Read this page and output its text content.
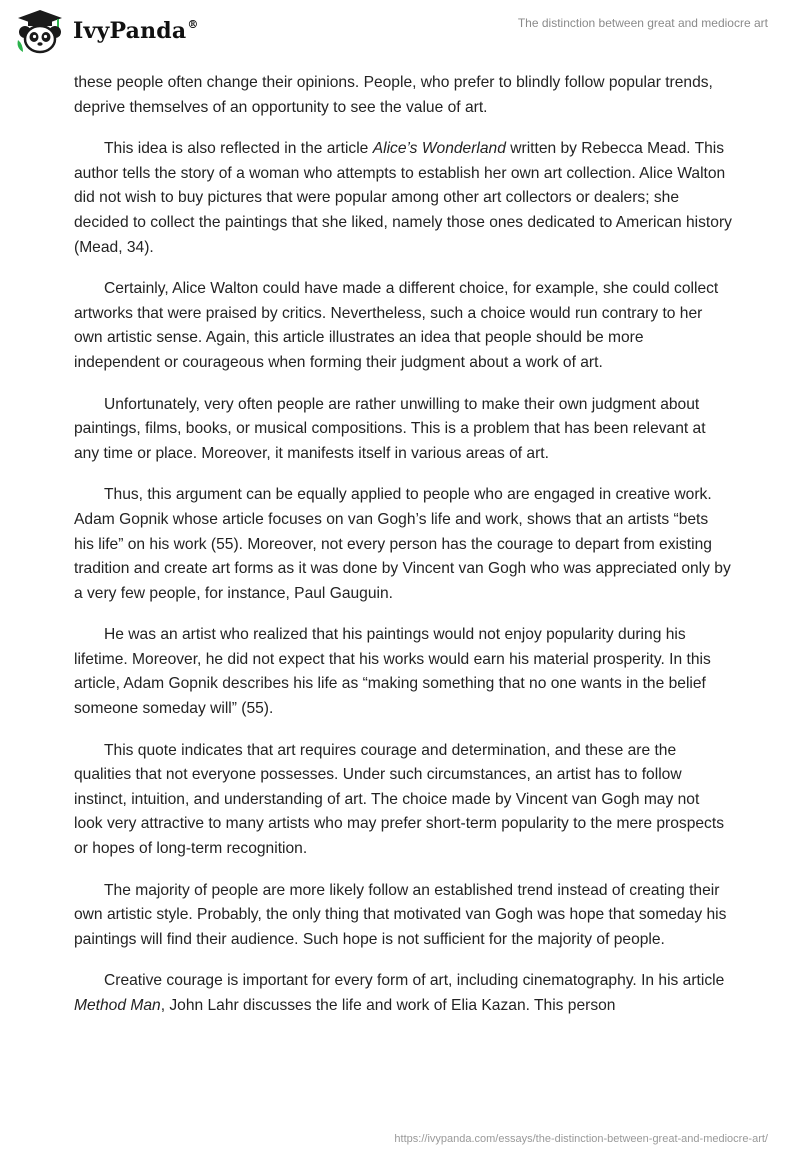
IvyPanda®	The distinction between great and mediocre art

these people often change their opinions. People, who prefer to blindly follow popular trends, deprive themselves of an opportunity to see the value of art.

This idea is also reflected in the article Alice’s Wonderland written by Rebecca Mead. This author tells the story of a woman who attempts to establish her own art collection. Alice Walton did not wish to buy pictures that were popular among other art collectors or dealers; she decided to collect the paintings that she liked, namely those ones dedicated to American history (Mead, 34).

Certainly, Alice Walton could have made a different choice, for example, she could collect artworks that were praised by critics. Nevertheless, such a choice would run contrary to her own artistic sense. Again, this article illustrates an idea that people should be more independent or courageous when forming their judgment about a work of art.

Unfortunately, very often people are rather unwilling to make their own judgment about paintings, films, books, or musical compositions. This is a problem that has been relevant at any time or place. Moreover, it manifests itself in various areas of art.

Thus, this argument can be equally applied to people who are engaged in creative work. Adam Gopnik whose article focuses on van Gogh’s life and work, shows that an artists “bets his life” on his work (55). Moreover, not every person has the courage to depart from existing tradition and create art forms as it was done by Vincent van Gogh who was appreciated only by a very few people, for instance, Paul Gauguin.

He was an artist who realized that his paintings would not enjoy popularity during his lifetime. Moreover, he did not expect that his works would earn his material prosperity. In this article, Adam Gopnik describes his life as “making something that no one wants in the belief someone someday will” (55).

This quote indicates that art requires courage and determination, and these are the qualities that not everyone possesses. Under such circumstances, an artist has to follow instinct, intuition, and understanding of art. The choice made by Vincent van Gogh may not look very attractive to many artists who may prefer short-term popularity to the mere prospects or hopes of long-term recognition.

The majority of people are more likely follow an established trend instead of creating their own artistic style. Probably, the only thing that motivated van Gogh was hope that someday his paintings will find their audience. Such hope is not sufficient for the majority of people.

Creative courage is important for every form of art, including cinematography. In his article Method Man, John Lahr discusses the life and work of Elia Kazan. This person

https://ivypanda.com/essays/the-distinction-between-great-and-mediocre-art/
